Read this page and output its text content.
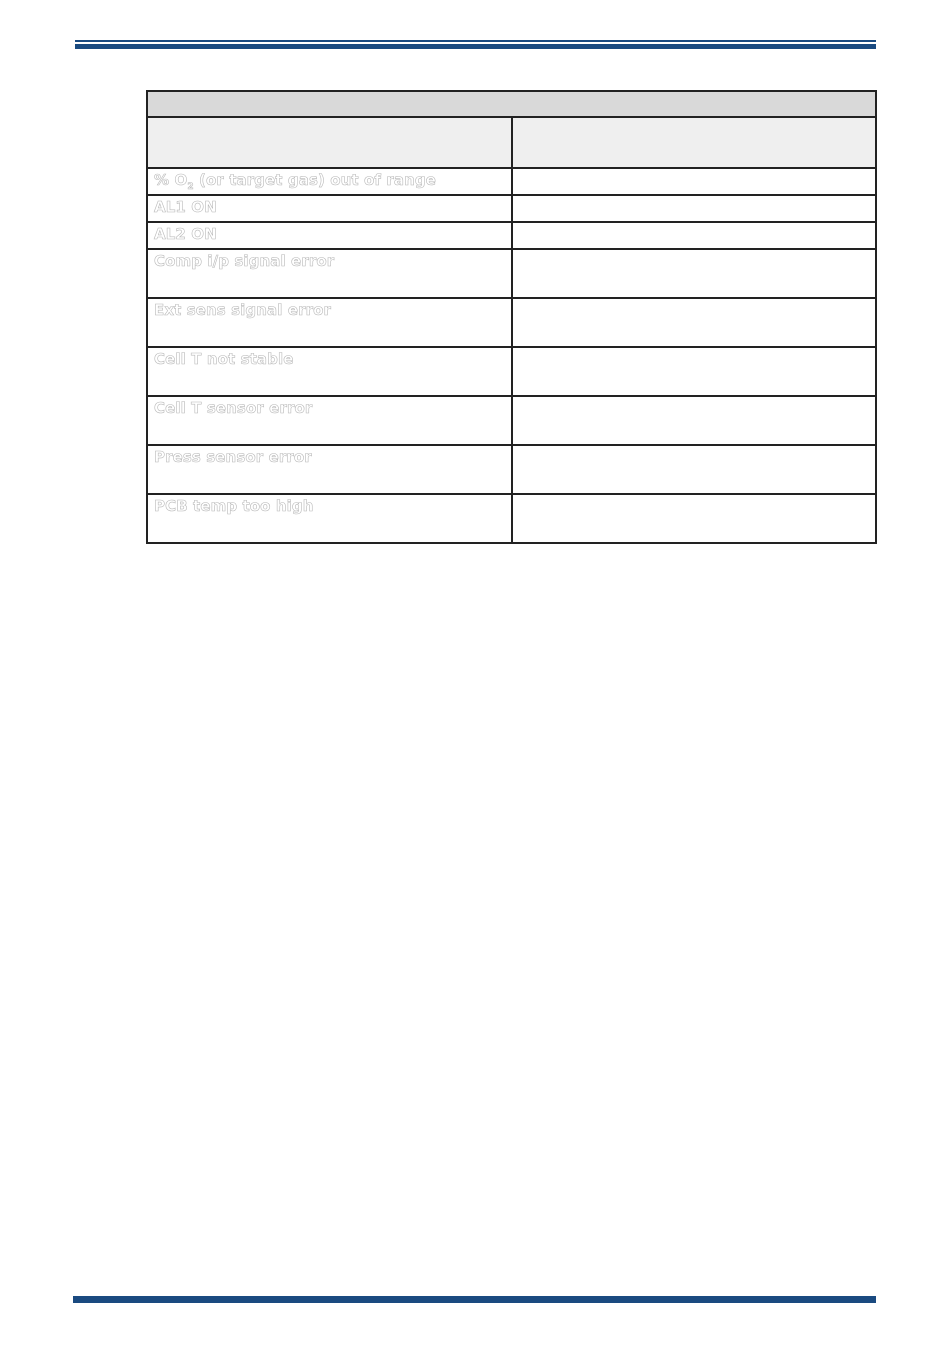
% $O_2$ (or target gas) out of range	
AL1 ON	
AL2 ON	
Comp i/p signal error	
Ext sens signal error	
Cell T not stable	
Cell T sensor error	
Press sensor error	
PCB temp too high	
